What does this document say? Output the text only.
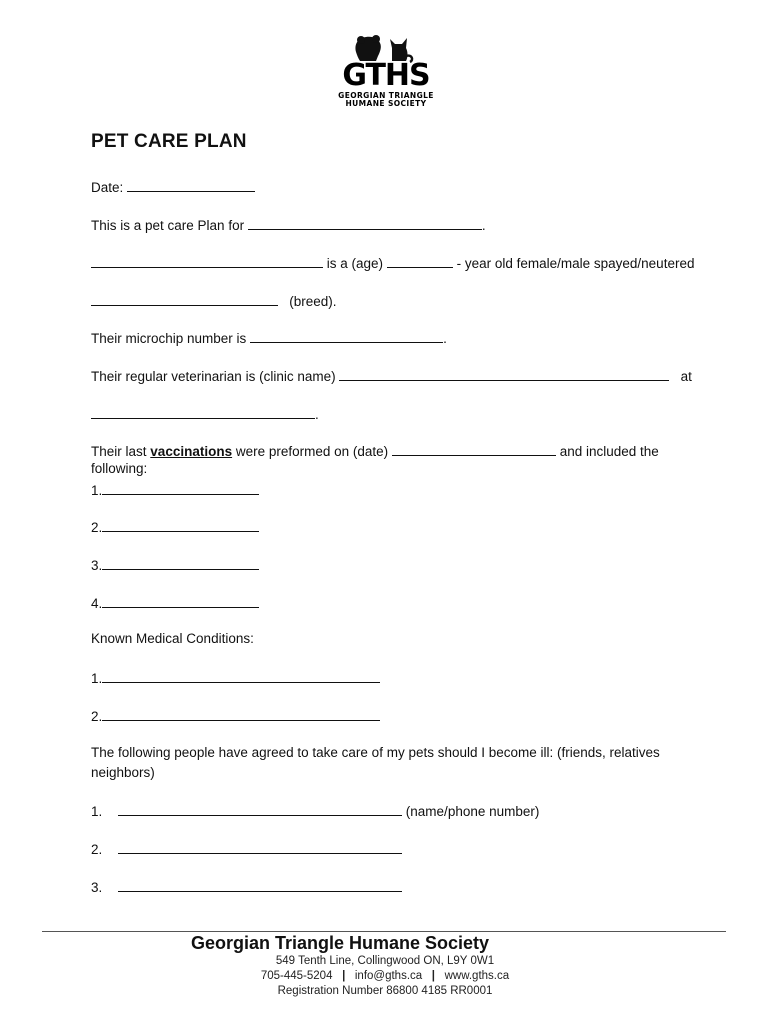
GTHS
GEORGIAN TRIANGLE
HUMANE SOCIETY
PET CARE PLAN
Date:
This is a pet care Plan for	.
is a (age)	- year old female/male spayed/neutered
(breed).
Their microchip number is	.
Their regular veterinarian is (clinic name)	at
.
Their last vaccinations were preformed on (date)	and included the
following:
1.
2.
3.
4.
Known Medical Conditions:
1.
2.
The following people have agreed to take care of my pets should I become ill: (friends, relatives
neighbors)
1.	(name/phone number)
2.
3.
Georgian Triangle Humane Society
549 Tenth Line, Collingwood ON, L9Y 0W1
705-445-5204 | info@gths.ca | www.gths.ca
Registration Number 86800 4185 RR0001
